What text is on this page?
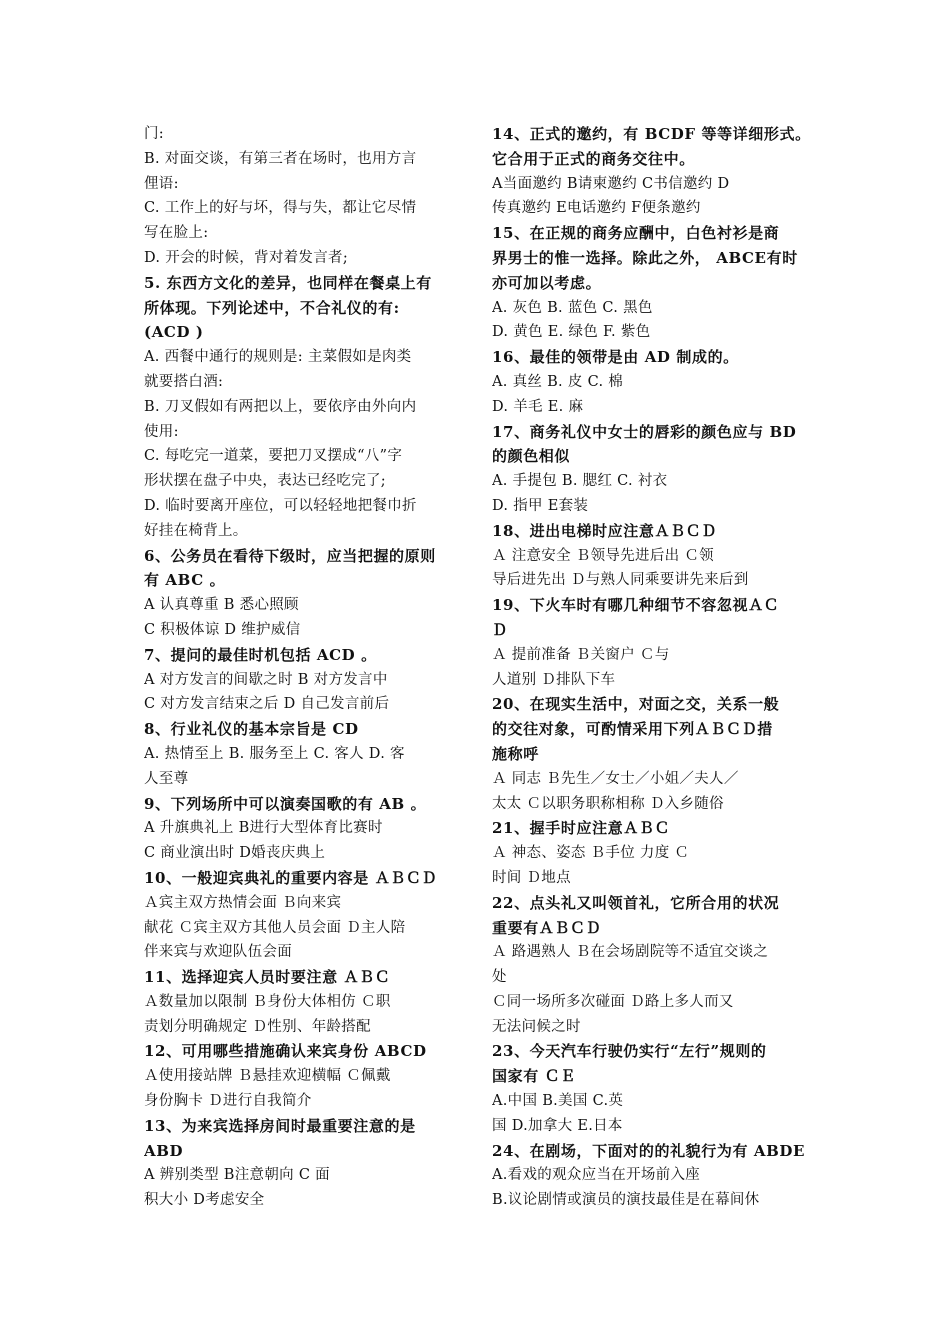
门:
B. 对面交谈，有第三者在场时，也用方言
俚语:
C. 工作上的好与坏，得与失，都让它尽情
写在脸上:
D. 开会的时候，背对着发言者;
5. 东西方文化的差异，也同样在餐桌上有
所体现。下列论述中，不合礼仪的有:
(ACD )
A. 西餐中通行的规则是: 主菜假如是肉类
就要搭白酒:
B. 刀叉假如有两把以上，要依序由外向内
使用:
C. 每吃完一道菜，要把刀叉摆成“八”字
形状摆在盘子中央，表达已经吃完了;
D. 临时要离开座位，可以轻轻地把餐巾折
好挂在椅背上。
6、公务员在看待下级时，应当把握的原则
有 ABC 。
A 认真尊重 B 悉心照顾
C 积极体谅 D 维护威信
7、提问的最佳时机包括 ACD 。
A 对方发言的间歇之时 B 对方发言中
C 对方发言结束之后 D 自己发言前后
8、行业礼仪的基本宗旨是 CD
A. 热情至上 B. 服务至上 C. 客人 D. 客
人至尊
9、下列场所中可以演奏国歌的有 AB 。
A 升旗典礼上 B进行大型体育比赛时
C 商业演出时 D婚丧庆典上
10、一般迎宾典礼的重要内容是 ＡＢＣＤ
Ａ宾主双方热情会面 Ｂ向来宾
献花 Ｃ宾主双方其他人员会面 Ｄ主人陪
伴来宾与欢迎队伍会面
11、选择迎宾人员时要注意 ＡＢＣ
Ａ数量加以限制 Ｂ身份大体相仿 Ｃ职
责划分明确规定 Ｄ性别、年龄搭配
12、可用哪些措施确认来宾身份 ABCD
Ａ使用接站牌 Ｂ悬挂欢迎横幅 Ｃ佩戴
身份胸卡 Ｄ进行自我简介
13、为来宾选择房间时最重要注意的是
ABD
A 辨别类型 B注意朝向 C 面
积大小 D考虑安全
14、正式的邀约，有 BCDF 等等详细形式。
它合用于正式的商务交往中。
A当面邀约 B请柬邀约 C书信邀约 D
传真邀约 E电话邀约 F便条邀约
15、在正规的商务应酬中，白色衬衫是商
界男士的惟一选择。除此之外， ABCE有时
亦可加以考虑。
A. 灰色 B. 蓝色 C. 黑色
D. 黄色 E. 绿色 F. 紫色
16、最佳的领带是由 AD 制成的。
A. 真丝 B. 皮 C. 棉
D. 羊毛 E. 麻
17、商务礼仪中女士的唇彩的颜色应与 BD
的颜色相似
A. 手提包 B. 腮红 C. 衬衣
D. 指甲 E套装
18、进出电梯时应注意ＡＢＣＤ
Ａ 注意安全 Ｂ领导先进后出 Ｃ领
导后进先出 Ｄ与熟人同乘要讲先来后到
19、下火车时有哪几种细节不容忽视ＡＣ
Ｄ
Ａ 提前准备 Ｂ关窗户 Ｃ与
人道别 Ｄ排队下车
20、在现实生活中，对面之交，关系一般
的交往对象，可酌情采用下列ＡＢＣＤ措
施称呼
Ａ 同志 Ｂ先生／女士／小姐／夫人／
太太 Ｃ以职务职称相称 Ｄ入乡随俗
21、握手时应注意ＡＢＣ
Ａ 神态、姿态 Ｂ手位 力度 Ｃ
时间 Ｄ地点
22、点头礼又叫领首礼，它所合用的状况
重要有ＡＢＣＤ
Ａ 路遇熟人 Ｂ在会场剧院等不适宜交谈之
处
Ｃ同一场所多次碰面 Ｄ路上多人而又
无法问候之时
23、今天汽车行驶仍实行“左行”规则的
国家有 ＣＥ
A.中国 B.美国 C.英
国 D.加拿大 E.日本
24、在剧场，下面对的的礼貌行为有 ABDE
A.看戏的观众应当在开场前入座
B.议论剧情或演员的演技最佳是在幕间休
